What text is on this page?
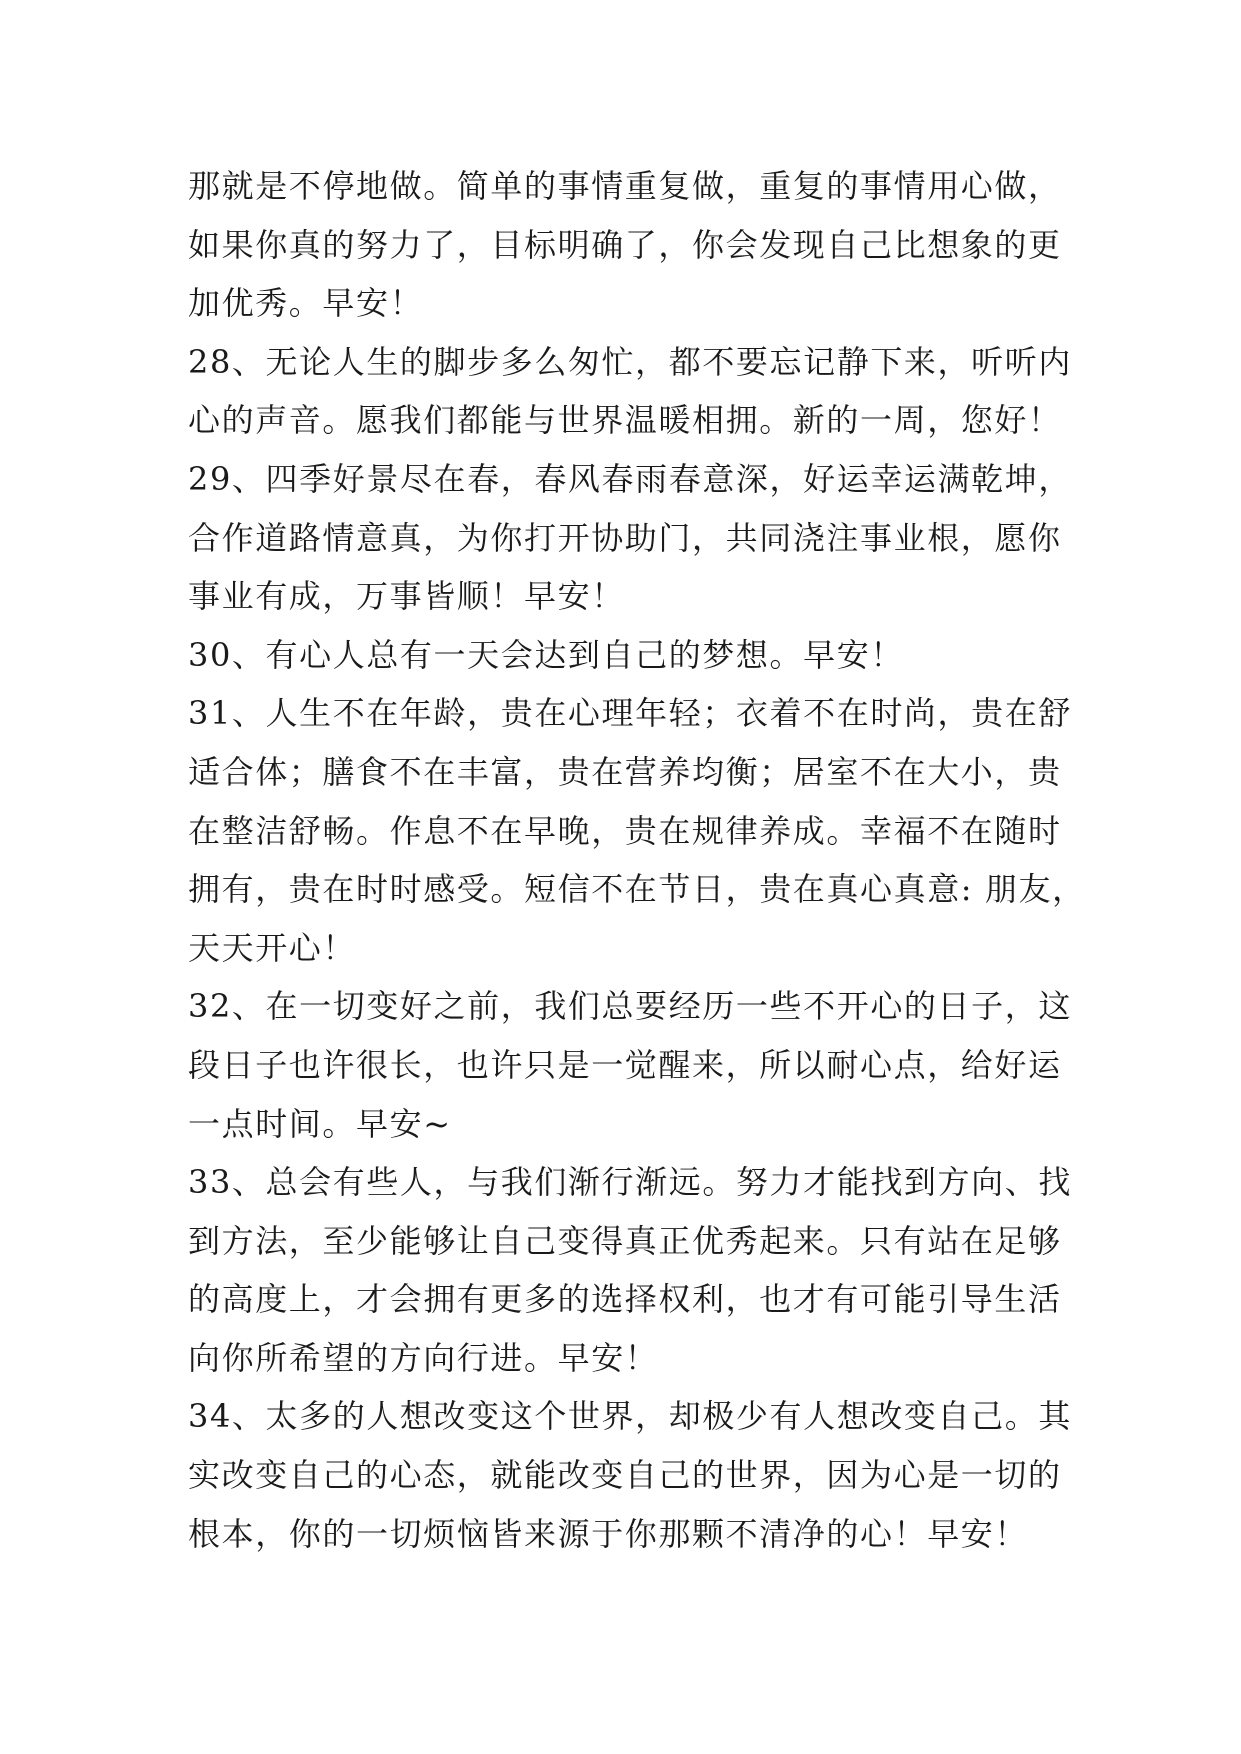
那就是不停地做。简单的事情重复做，重复的事情用心做，
如果你真的努力了，目标明确了，你会发现自己比想象的更
加优秀。早安！
28、无论人生的脚步多么匆忙，都不要忘记静下来，听听内
心的声音。愿我们都能与世界温暖相拥。新的一周，您好！
29、四季好景尽在春，春风春雨春意深，好运幸运满乾坤，
合作道路情意真，为你打开协助门，共同浇注事业根，愿你
事业有成，万事皆顺！早安！
30、有心人总有一天会达到自己的梦想。早安！
31、人生不在年龄，贵在心理年轻；衣着不在时尚，贵在舒
适合体；膳食不在丰富，贵在营养均衡；居室不在大小，贵
在整洁舒畅。作息不在早晚，贵在规律养成。幸福不在随时
拥有，贵在时时感受。短信不在节日，贵在真心真意: 朋友，
天天开心！
32、在一切变好之前，我们总要经历一些不开心的日子，这
段日子也许很长，也许只是一觉醒来，所以耐心点，给好运
一点时间。早安~
33、总会有些人，与我们渐行渐远。努力才能找到方向、找
到方法，至少能够让自己变得真正优秀起来。只有站在足够
的高度上，才会拥有更多的选择权利，也才有可能引导生活
向你所希望的方向行进。早安！
34、太多的人想改变这个世界，却极少有人想改变自己。其
实改变自己的心态，就能改变自己的世界，因为心是一切的
根本，你的一切烦恼皆来源于你那颗不清净的心！早安！
